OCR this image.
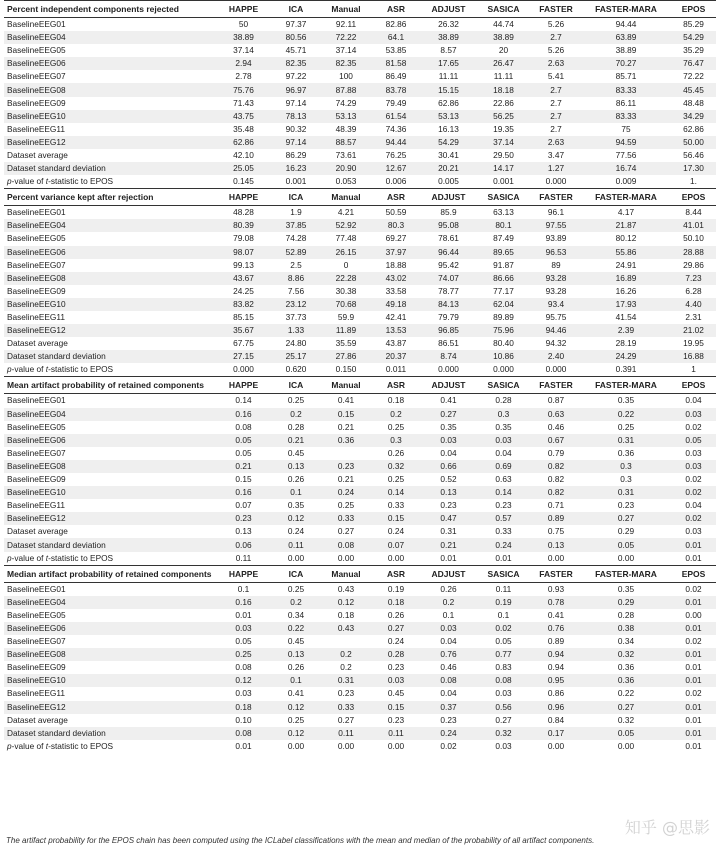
Percent independent components rejected	HAPPE	ICA	Manual	ASR	ADJUST	SASICA	FASTER	FASTER-MARA	EPOS
BaselineEEG01	50	97.37	92.11	82.86	26.32	44.74	5.26	94.44	85.29
BaselineEEG04	38.89	80.56	72.22	64.1	38.89	38.89	2.7	63.89	54.29
BaselineEEG05	37.14	45.71	37.14	53.85	8.57	20	5.26	38.89	35.29
BaselineEEG06	2.94	82.35	82.35	81.58	17.65	26.47	2.63	70.27	76.47
BaselineEEG07	2.78	97.22	100	86.49	11.11	11.11	5.41	85.71	72.22
BaselineEEG08	75.76	96.97	87.88	83.78	15.15	18.18	2.7	83.33	45.45
BaselineEEG09	71.43	97.14	74.29	79.49	62.86	22.86	2.7	86.11	48.48
BaselineEEG10	43.75	78.13	53.13	61.54	53.13	56.25	2.7	83.33	34.29
BaselineEEG11	35.48	90.32	48.39	74.36	16.13	19.35	2.7	75	62.86
BaselineEEG12	62.86	97.14	88.57	94.44	54.29	37.14	2.63	94.59	50.00
Dataset average	42.10	86.29	73.61	76.25	30.41	29.50	3.47	77.56	56.46
Dataset standard deviation	25.05	16.23	20.90	12.67	20.21	14.17	1.27	16.74	17.30
p-value of t-statistic to EPOS	0.145	0.001	0.053	0.006	0.005	0.001	0.000	0.009	1.
Percent variance kept after rejection	HAPPE	ICA	Manual	ASR	ADJUST	SASICA	FASTER	FASTER-MARA	EPOS
BaselineEEG01	48.28	1.9	4.21	50.59	85.9	63.13	96.1	4.17	8.44
BaselineEEG04	80.39	37.85	52.92	80.3	95.08	80.1	97.55	21.87	41.01
BaselineEEG05	79.08	74.28	77.48	69.27	78.61	87.49	93.89	80.12	50.10
BaselineEEG06	98.07	52.89	26.15	37.97	96.44	89.65	96.53	55.86	28.88
BaselineEEG07	99.13	2.5	0	18.88	95.42	91.87	89	24.91	29.86
BaselineEEG08	43.67	8.86	22.28	43.02	74.07	86.66	93.28	16.89	7.23
BaselineEEG09	24.25	7.56	30.38	33.58	78.77	77.17	93.28	16.26	6.28
BaselineEEG10	83.82	23.12	70.68	49.18	84.13	62.04	93.4	17.93	4.40
BaselineEEG11	85.15	37.73	59.9	42.41	79.79	89.89	95.75	41.54	2.31
BaselineEEG12	35.67	1.33	11.89	13.53	96.85	75.96	94.46	2.39	21.02
Dataset average	67.75	24.80	35.59	43.87	86.51	80.40	94.32	28.19	19.95
Dataset standard deviation	27.15	25.17	27.86	20.37	8.74	10.86	2.40	24.29	16.88
p-value of t-statistic to EPOS	0.000	0.620	0.150	0.011	0.000	0.000	0.000	0.391	1
Mean artifact probability of retained components	HAPPE	ICA	Manual	ASR	ADJUST	SASICA	FASTER	FASTER-MARA	EPOS
BaselineEEG01	0.14	0.25	0.41	0.18	0.41	0.28	0.87	0.35	0.04
BaselineEEG04	0.16	0.2	0.15	0.2	0.27	0.3	0.63	0.22	0.03
BaselineEEG05	0.08	0.28	0.21	0.25	0.35	0.35	0.46	0.25	0.02
BaselineEEG06	0.05	0.21	0.36	0.3	0.03	0.03	0.67	0.31	0.05
BaselineEEG07	0.05	0.45		0.26	0.04	0.04	0.79	0.36	0.03
BaselineEEG08	0.21	0.13	0.23	0.32	0.66	0.69	0.82	0.3	0.03
BaselineEEG09	0.15	0.26	0.21	0.25	0.52	0.63	0.82	0.3	0.02
BaselineEEG10	0.16	0.1	0.24	0.14	0.13	0.14	0.82	0.31	0.02
BaselineEEG11	0.07	0.35	0.25	0.33	0.23	0.23	0.71	0.23	0.04
BaselineEEG12	0.23	0.12	0.33	0.15	0.47	0.57	0.89	0.27	0.02
Dataset average	0.13	0.24	0.27	0.24	0.31	0.33	0.75	0.29	0.03
Dataset standard deviation	0.06	0.11	0.08	0.07	0.21	0.24	0.13	0.05	0.01
p-value of t-statistic to EPOS	0.11	0.00	0.00	0.00	0.01	0.01	0.00	0.00	0.01
Median artifact probability of retained components	HAPPE	ICA	Manual	ASR	ADJUST	SASICA	FASTER	FASTER-MARA	EPOS
BaselineEEG01	0.1	0.25	0.43	0.19	0.26	0.11	0.93	0.35	0.02
BaselineEEG04	0.16	0.2	0.12	0.18	0.2	0.19	0.78	0.29	0.01
BaselineEEG05	0.01	0.34	0.18	0.26	0.1	0.1	0.41	0.28	0.00
BaselineEEG06	0.03	0.22	0.43	0.27	0.03	0.02	0.76	0.38	0.01
BaselineEEG07	0.05	0.45		0.24	0.04	0.05	0.89	0.34	0.02
BaselineEEG08	0.25	0.13	0.2	0.28	0.76	0.77	0.94	0.32	0.01
BaselineEEG09	0.08	0.26	0.2	0.23	0.46	0.83	0.94	0.36	0.01
BaselineEEG10	0.12	0.1	0.31	0.03	0.08	0.08	0.95	0.36	0.01
BaselineEEG11	0.03	0.41	0.23	0.45	0.04	0.03	0.86	0.22	0.02
BaselineEEG12	0.18	0.12	0.33	0.15	0.37	0.56	0.96	0.27	0.01
Dataset average	0.10	0.25	0.27	0.23	0.23	0.27	0.84	0.32	0.01
Dataset standard deviation	0.08	0.12	0.11	0.11	0.24	0.32	0.17	0.05	0.01
p-value of t-statistic to EPOS	0.01	0.00	0.00	0.00	0.02	0.03	0.00	0.00	0.01
The artifact probability for the EPOS chain has been computed using the ICLabel classifications with the mean and median of the probability of all artifact components.
知乎 @思影
